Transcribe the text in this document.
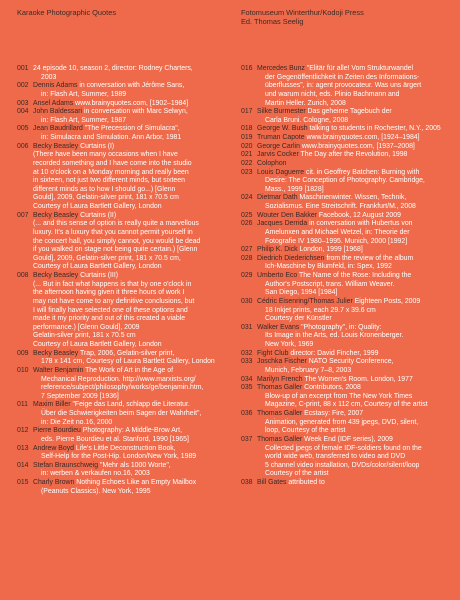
Karaoke Photographic Quotes	Fotomuseum Winterthur/Kodoji Press
Ed. Thomas Seelig
001 24 episode 10, season 2, director: Rodney Charters,
2003
002 Dennis Adams in conversation with Jérôme Sans,
in: Flash Art, Summer, 1989
003 Ansel Adams www.brainyquotes.com, [1902–1984]
004 John Baldessari in conversation with Marc Selwyn,
in: Flash Art, Summer, 1987
005 Jean Baudrillard "The Precession of Simulacra",
in: Simulacra and Simulation. Ann Arbor, 1981
006 Becky Beasley Curtains (I)
(There have been many occasions when I have
recorded something and I have come into the studio
at 10 o'clock on a Monday morning and really been
in sixteen, not just two different minds, but sixteen
different minds as to how I should go...) [Glenn
Gould], 2009, Gelatin-silver print, 181 x 70.5 cm
Courtesy of Laura Bartlett Gallery, London
007 Becky Beasley Curtains (II)
(... and this sense of option is really quite a marvellous
luxury. It's a luxury that you cannot permit yourself in
the concert hall, you simply cannot, you would be dead
if you walked on stage not being quite certain.) [Glenn
Gould], 2009, Gelatin-silver print, 181 x 70.5 cm,
Courtesy of Laura Bartlett Gallery, London
008 Becky Beasley Curtains (III)
(... But in fact what happens is that by one o'clock in
the afternoon having given it three hours of work I
may not have come to any definitive conclusions, but
I will finally have selected one of these options and
made it my priority and out of this created a viable
performance.) [Glenn Gould], 2009
Gelatin-silver print, 181 x 70.5 cm
Courtesy of Laura Bartlett Gallery, London
009 Becky Beasley Trap, 2006, Gelatin-silver print,
178 x 141 cm, Courtesy of Laura Bartlett Gallery, London
010 Walter Benjamin The Work of Art in the Age of
Mechanical Reproduction. http://www.marxists.org/
reference/subject/philosophy/works/ge/benjamin.htm,
7 September 2009 [1936]
011 Maxim Biller "Feige das Land, schlapp die Literatur.
Über die Schwierigkeiten beim Sagen der Wahrheit",
in: Die Zeit no.16, 2000
012 Pierre Bourdieu Photography: A Middle-Brow Art,
eds. Pierre Bourdieu et al. Stanford, 1990 [1965]
013 Andrew Boyd Life's Little Deconstruction Book,
Self-Help for the Post-Hip. London/New York, 1989
014 Stefan Braunschweig "Mehr als 1000 Worte",
in: werben & verkaufen no.16, 2003
015 Charly Brown Nothing Echoes Like an Empty Mailbox
(Peanuts Classics). New York, 1995
016 Mercedes Bunz "Elitär für alle! Vom Strukturwandel
der Gegenöffentlichkeit in Zeiten des Informations-
überflusses", in: agent provocateur. Was uns ärgert
und warum nicht, eds. Plinio Bachmann and
Martin Heller. Zurich, 2008
017 Silke Burmester Das geheime Tagebuch der
Carla Bruni. Cologne, 2008
018 George W. Bush talking to students in Rochester, N.Y., 2005
019 Truman Capote www.brainyquotes.com, [1924–1984]
020 George Carlin www.brainyquotes.com, [1937–2008]
021 Jarvis Cocker The Day after the Revolution, 1998
022 Colophon
023 Louis Daguerre cit. in Geoffrey Batchen: Burning with
Desire: The Conception of Photography. Cambridge,
Mass., 1999 [1828]
024 Dietmar Dath Maschinenwinter. Wissen, Technik,
Sozialismus. Eine Streitschrift. Frankfurt/M., 2008
025 Wouter Den Bakker Facebook, 12 August 2009
026 Jacques Derrida in conversation with Hubertus von
Amelunxen and Michael Wetzel, in: Theorie der
Fotografie IV 1980–1995. Munich, 2000 [1992]
027 Philip K. Dick London, 1999 [1968]
028 Diedrich Diederichsen from the review of the album
Ich-Maschine by Blumfeld, in: Spex, 1992
029 Umberto Eco The Name of the Rose: Including the
Author's Postscript, trans. William Weaver.
San Diego, 1994 [1984]
030 Cédric Eisenring/Thomas Julier Eighteen Posts, 2009
18 Inkjet prints, each 29.7 x 39.6 cm
Courtesy der Künstler
031 Walker Evans "Photography", in: Quality:
Its Image in the Arts, ed. Louis Kronenberger.
New York, 1969
032 Fight Club director: David Fincher, 1999
033 Joschka Fischer NATO Security Conference,
Munich, February 7–8, 2003
034 Marilyn French The Women's Room. London, 1977
035 Thomas Galler Contributors, 2008
Blow-up of an excerpt from The New York Times
Magazine, C-print, 88 x 112 cm, Courtesy of the artist
036 Thomas Galler Ecstasy: Fire, 2007
Animation, generated from 439 jpegs, DVD, silent,
loop, Courtesy of the artist
037 Thomas Galler Week End (IDF series), 2009
Collected jpegs of female IDF-soldiers found on the
world wide web, transferred to video and DVD
5 channel video installation, DVDs/color/silent/loop
Courtesy of the artist
038 Bill Gates attributed to
